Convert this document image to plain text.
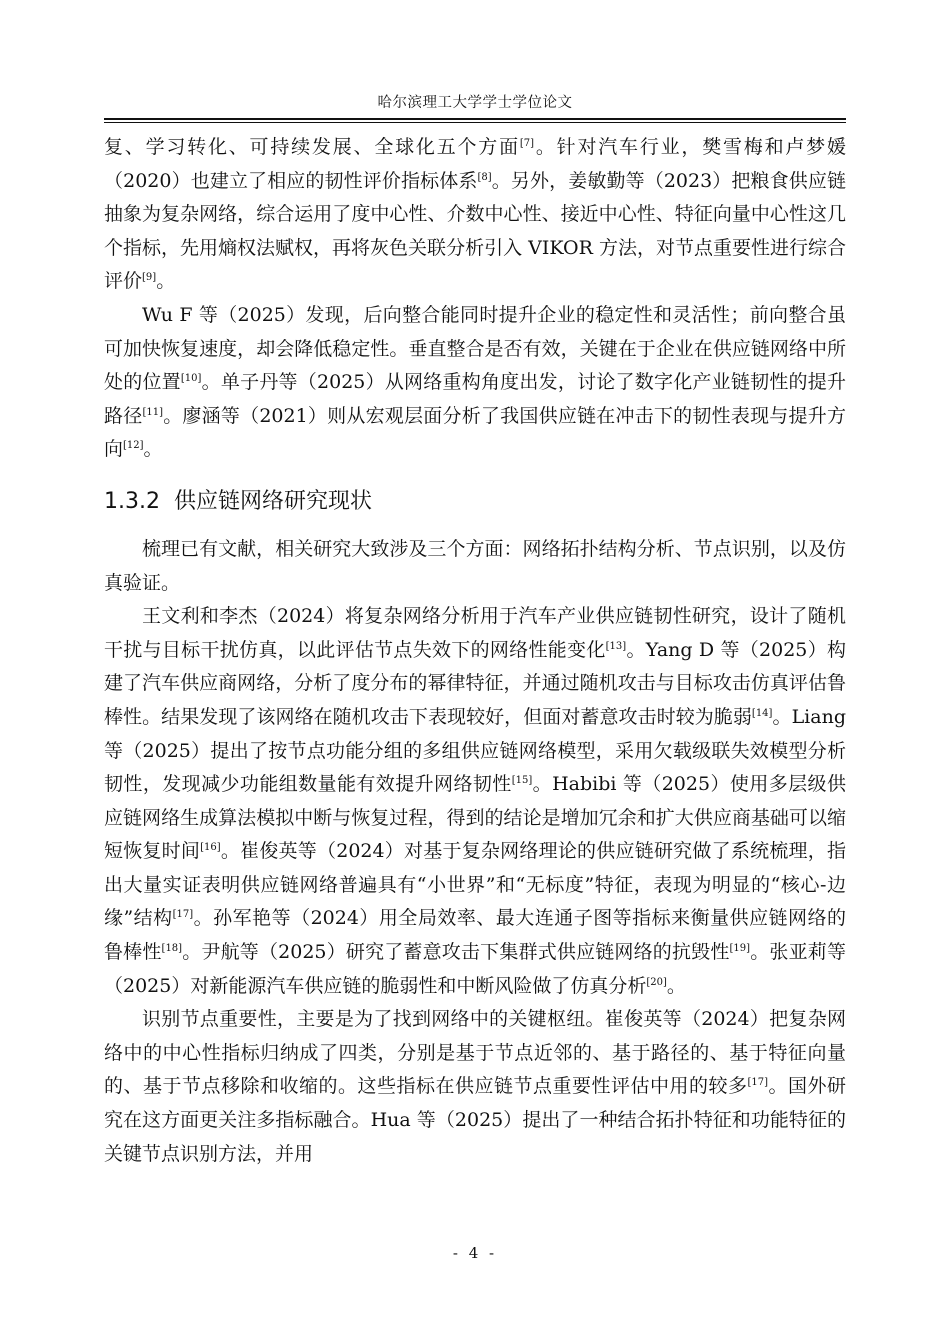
哈尔滨理工大学学士学位论文

复、学习转化、可持续发展、全球化五个方面[7]。针对汽车行业，樊雪梅和卢梦媛（2020）也建立了相应的韧性评价指标体系[8]。另外，姜敏勤等（2023）把粮食供应链抽象为复杂网络，综合运用了度中心性、介数中心性、接近中心性、特征向量中心性这几个指标，先用熵权法赋权，再将灰色关联分析引入 VIKOR 方法，对节点重要性进行综合评价[9]。

Wu F 等（2025）发现，后向整合能同时提升企业的稳定性和灵活性；前向整合虽可加快恢复速度，却会降低稳定性。垂直整合是否有效，关键在于企业在供应链网络中所处的位置[10]。单子丹等（2025）从网络重构角度出发，讨论了数字化产业链韧性的提升路径[11]。廖涵等（2021）则从宏观层面分析了我国供应链在冲击下的韧性表现与提升方向[12]。

1.3.2 供应链网络研究现状

梳理已有文献，相关研究大致涉及三个方面：网络拓扑结构分析、节点识别，以及仿真验证。

王文利和李杰（2024）将复杂网络分析用于汽车产业供应链韧性研究，设计了随机干扰与目标干扰仿真，以此评估节点失效下的网络性能变化[13]。Yang D 等（2025）构建了汽车供应商网络，分析了度分布的幂律特征，并通过随机攻击与目标攻击仿真评估鲁棒性。结果发现了该网络在随机攻击下表现较好，但面对蓄意攻击时较为脆弱[14]。Liang 等（2025）提出了按节点功能分组的多组供应链网络模型，采用欠载级联失效模型分析韧性，发现减少功能组数量能有效提升网络韧性[15]。Habibi 等（2025）使用多层级供应链网络生成算法模拟中断与恢复过程，得到的结论是增加冗余和扩大供应商基础可以缩短恢复时间[16]。崔俊英等（2024）对基于复杂网络理论的供应链研究做了系统梳理，指出大量实证表明供应链网络普遍具有“小世界”和“无标度”特征，表现为明显的“核心-边缘”结构[17]。孙军艳等（2024）用全局效率、最大连通子图等指标来衡量供应链网络的鲁棒性[18]。尹航等（2025）研究了蓄意攻击下集群式供应链网络的抗毁性[19]。张亚莉等（2025）对新能源汽车供应链的脆弱性和中断风险做了仿真分析[20]。

识别节点重要性，主要是为了找到网络中的关键枢纽。崔俊英等（2024）把复杂网络中的中心性指标归纳成了四类，分别是基于节点近邻的、基于路径的、基于特征向量的、基于节点移除和收缩的。这些指标在供应链节点重要性评估中用的较多[17]。国外研究在这方面更关注多指标融合。Hua 等（2025）提出了一种结合拓扑特征和功能特征的关键节点识别方法，并用

- 4 -
